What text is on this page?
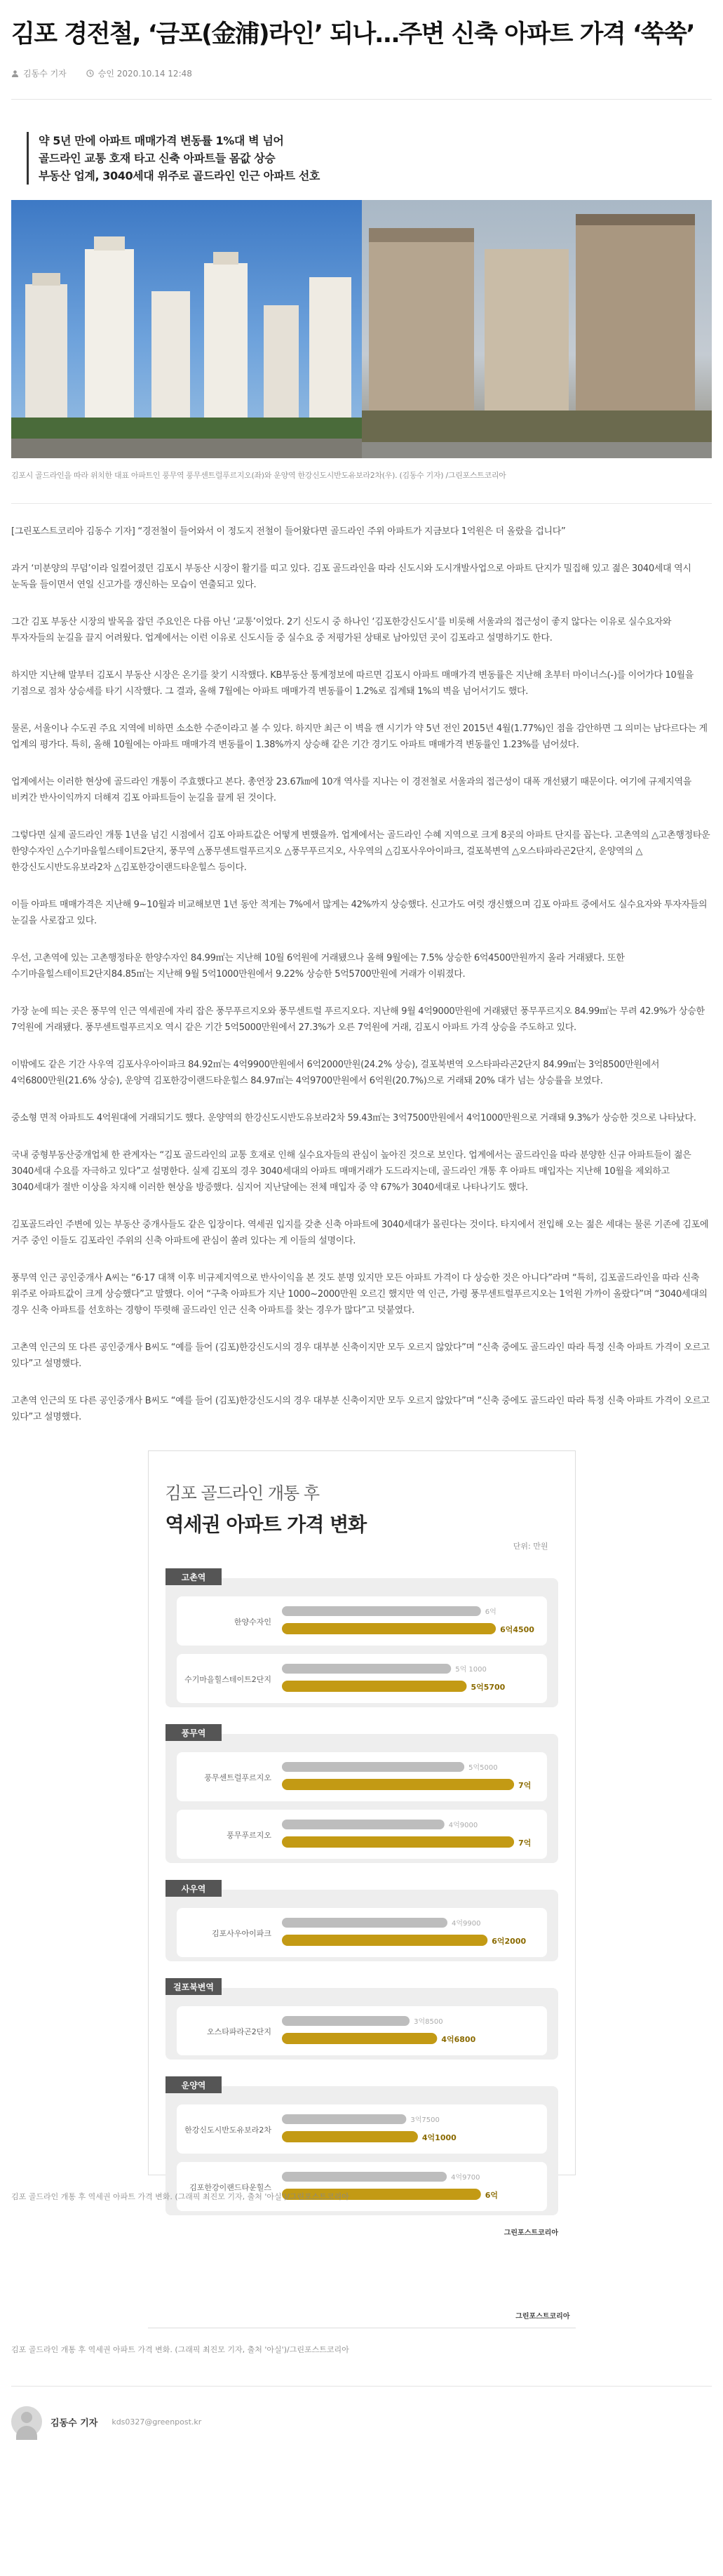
김포 경전철, ‘금포(金浦)라인’ 되나…주변 신축 아파트 가격 ‘쑥쑥’
김동수 기자	승인 2020.10.14 12:48

약 5년 만에 아파트 매매가격 변동률 1%대 벽 넘어

골드라인 교통 호재 타고 신축 아파트들 몸값 상승

부동산 업계, 3040세대 위주로 골드라인 인근 아파트 선호

김포시 골드라인을 따라 위치한 대표 아파트인 풍무역 풍무센트럴푸르지오(좌)와 운양역 한강신도시반도유보라2차(우). (김동수 기자) /그린포스트코리아

[그린포스트코리아 김동수 기자] “경전철이 들어와서 이 정도지 전철이 들어왔다면 골드라인 주위 아파트가 지금보다 1억원은 더 올랐을 겁니다”

과거 ‘미분양의 무덤’이라 일컬어졌던 김포시 부동산 시장이 활기를 띠고 있다. 김포 골드라인을 따라 신도시와 도시개발사업으로 아파트 단지가 밀집해 있고 젊은 3040세대 역시 눈독을 들이면서 연일 신고가를 갱신하는 모습이 연출되고 있다.

그간 김포 부동산 시장의 발목을 잡던 주요인은 다름 아닌 ‘교통’이었다. 2기 신도시 중 하나인 ‘김포한강신도시’를 비롯해 서울과의 접근성이 좋지 않다는 이유로 실수요자와 투자자들의 눈길을 끌지 어려웠다. 업계에서는 이런 이유로 신도시들 중 실수요 중 저평가된 상태로 남아있던 곳이 김포라고 설명하기도 한다.

하지만 지난해 말부터 김포시 부동산 시장은 온기를 찾기 시작했다. KB부동산 통계정보에 따르면 김포시 아파트 매매가격 변동률은 지난해 초부터 마이너스(-)를 이어가다 10월을 기점으로 점차 상승세를 타기 시작했다. 그 결과, 올해 7월에는 아파트 매매가격 변동률이 1.2%로 집계돼 1%의 벽을 넘어서기도 했다.

물론, 서울이나 수도권 주요 지역에 비하면 소소한 수준이라고 볼 수 있다. 하지만 최근 이 벽을 깬 시기가 약 5년 전인 2015년 4월(1.77%)인 점을 감안하면 그 의미는 남다르다는 게 업계의 평가다. 특히, 올해 10월에는 아파트 매매가격 변동률이 1.38%까지 상승해 같은 기간 경기도 아파트 매매가격 변동률인 1.23%를 넘어섰다.

업계에서는 이러한 현상에 골드라인 개통이 주효했다고 본다. 총연장 23.67㎞에 10개 역사를 지나는 이 경전철로 서울과의 접근성이 대폭 개선됐기 때문이다. 여기에 규제지역을 비켜간 반사이익까지 더해져 김포 아파트들이 눈길을 끌게 된 것이다.

그렇다면 실제 골드라인 개통 1년을 넘긴 시점에서 김포 아파트값은 어떻게 변했을까. 업계에서는 골드라인 수혜 지역으로 크게 8곳의 아파트 단지를 꼽는다. 고촌역의 △고촌행정타운 한양수자인 △수기마을힐스테이트2단지, 풍무역 △풍무센트럴푸르지오 △풍무푸르지오, 사우역의 △김포사우아이파크, 걸포북변역 △오스타파라곤2단지, 운양역의 △한강신도시반도유보라2차 △김포한강이랜드타운힐스 등이다.

이들 아파트 매매가격은 지난해 9~10월과 비교해보면 1년 동안 적게는 7%에서 많게는 42%까지 상승했다. 신고가도 여럿 갱신했으며 김포 아파트 중에서도 실수요자와 투자자들의 눈길을 사로잡고 있다.

우선, 고촌역에 있는 고촌행정타운 한양수자인 84.99㎡는 지난해 10월 6억원에 거래됐으나 올해 9월에는 7.5% 상승한 6억4500만원까지 올라 거래됐다. 또한 수기마을힐스테이트2단지84.85㎡는 지난해 9월 5억1000만원에서 9.22% 상승한 5억5700만원에 거래가 이뤄졌다.

가장 눈에 띄는 곳은 풍무역 인근 역세권에 자리 잡은 풍무푸르지오와 풍무센트럴 푸르지오다. 지난해 9월 4억9000만원에 거래됐던 풍무푸르지오 84.99㎡는 무려 42.9%가 상승한 7억원에 거래됐다. 풍무센트럴푸르지오 역시 같은 기간 5억5000만원에서 27.3%가 오른 7억원에 거래, 김포시 아파트 가격 상승을 주도하고 있다.

이밖에도 같은 기간 사우역 김포사우아이파크 84.92㎡는 4억9900만원에서 6억2000만원(24.2% 상승), 걸포북변역 오스타파라곤2단지 84.99㎡는 3억8500만원에서 4억6800만원(21.6% 상승), 운양역 김포한강이랜드타운힐스 84.97㎡는 4억9700만원에서 6억원(20.7%)으로 거래돼 20% 대가 넘는 상승률을 보였다.

중소형 면적 아파트도 4억원대에 거래되기도 했다. 운양역의 한강신도시반도유보라2차 59.43㎡는 3억7500만원에서 4억1000만원으로 거래돼 9.3%가 상승한 것으로 나타났다.

국내 중형부동산중개업체 한 관계자는 “김포 골드라인의 교통 호재로 인해 실수요자들의 관심이 높아진 것으로 보인다. 업계에서는 골드라인을 따라 분양한 신규 아파트들이 젊은 3040세대 수요를 자극하고 있다”고 설명한다. 실제 김포의 경우 3040세대의 아파트 매매거래가 도드라지는데, 골드라인 개통 후 아파트 매입자는 지난해 10월을 제외하고 3040세대가 절반 이상을 차지해 이러한 현상을 방증했다. 심지어 지난달에는 전체 매입자 중 약 67%가 3040세대로 나타나기도 했다.

김포골드라인 주변에 있는 부동산 중개사들도 같은 입장이다. 역세권 입지를 갖춘 신축 아파트에 3040세대가 몰린다는 것이다. 타지에서 전입해 오는 젊은 세대는 물론 기존에 김포에 거주 중인 이들도 김포라인 주위의 신축 아파트에 관심이 쏠려 있다는 게 이들의 설명이다.

풍무역 인근 공인중개사 A씨는 “6·17 대책 이후 비규제지역으로 반사이익을 본 것도 분명 있지만 모든 아파트 가격이 다 상승한 것은 아니다”라며 “특히, 김포골드라인을 따라 신축 위주로 아파트값이 크게 상승했다”고 말했다. 이어 “구축 아파트가 지난 1000~2000만원 오르긴 했지만 역 인근, 가령 풍무센트럴푸르지오는 1억원 가까이 올랐다”며 “3040세대의 경우 신축 아파트를 선호하는 경향이 뚜렷해 골드라인 인근 신축 아파트를 찾는 경우가 많다”고 덧붙였다.

고촌역 인근의 또 다른 공인중개사 B씨도 “예를 들어 (김포)한강신도시의 경우 대부분 신축이지만 모두 오르지 않았다”며 “신축 중에도 골드라인 따라 특정 신축 아파트 가격이 오르고 있다”고 설명했다.

고촌역 인근의 또 다른 공인중개사 B씨도 “예를 들어 (김포)한강신도시의 경우 대부분 신축이지만 모두 오르지 않았다”며 “신축 중에도 골드라인 따라 특정 신축 아파트 가격이 오르고 있다”고 설명했다.

김포 골드라인 개통 후
역세권 아파트 가격 변화
단위: 만원
고촌역
한양수자인
6억
6억4500
수기마을힐스테이트2단지
5억 1000
5억5700
풍무역
풍무센트럴푸르지오
5억5000
7억
풍무푸르지오
4억9000
7억
사우역
김포사우아이파크
4억9900
6억2000
걸포북변역
오스타파라곤2단지
3억8500
4억6800
운양역
한강신도시반도유보라2차
3억7500
4억1000
김포한강이랜드타운힐스
4억9700
6억
그린포스트코리아

김포 골드라인 개통 후 역세권 아파트 가격 변화. (그래픽 최진모 기자, 출처 '아실')/그린포스트코리아

그린포스트코리아

김포 골드라인 개통 후 역세권 아파트 가격 변화. (그래픽 최진모 기자, 출처 '아실')/그린포스트코리아

김동수 기자 kds0327@greenpost.kr
